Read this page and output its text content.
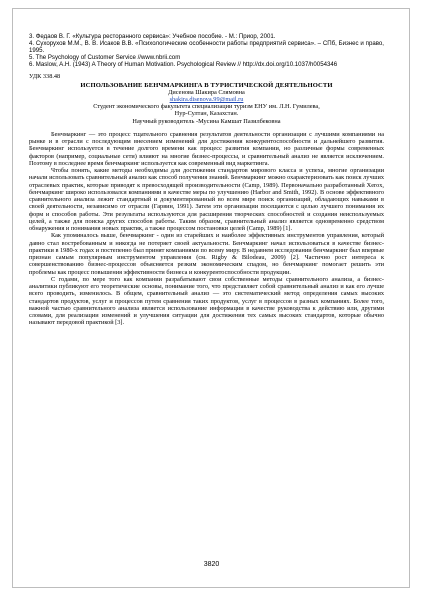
3. Федаов В. Г. «Культура ресторанного сервиса»: Учебное пособие. - М.: Приор, 2001.

4. Сухорухов М.М., В. В. Исаков В.В. «Психологические особенности работы предприятий сервиса». – СПб, Бизнес и право, 1995.

5. The Psychology of Customer Service //www.nbrii.com

6. Maslow, A.H. (1943) A Theory of Human Motivation. Psychological Review // http://dx.doi.org/10.1037/h0054346

УДК 338.48
ИСПОЛЬЗОВАНИЕ БЕНЧМАРКИНГА В ТУРИСТИЧЕСКОЙ ДЕЯТЕЛЬНОСТИ
Дисенова Шакира Слямовна
shakira.disenova.99@mail.ru
Студент экономического факультета специализации туризм ЕНУ им. Л.Н. Гумилева,
Нур-Султан, Казахстан.
Научный руководитель -Мусина Камшат Пазилбековна

Бенчмаркинг — это процесс тщательного сравнения результатов деятельности организации с лучшими компаниями на рынке и в отрасли с последующим внесением изменений для достижения конкурентоспособности и дальнейшего развития. Бенчмаркинг используется в течение долгого времени как процесс развития компании, но различные формы современных факторов (например, социальные сети) влияют на многие бизнес-процессы, и сравнительный анализ не является исключением. Поэтому в последнее время бенчмаркинг используется как современный вид маркетинга.

Чтобы понять, какие методы необходимы для достижения стандартов мирового класса и успеха, многие организации начали использовать сравнительный анализ как способ получения знаний. Бенчмаркинг можно охарактеризовать как поиск лучших отраслевых практик, которые приводят к превосходящей производительности (Camp, 1989). Первоначально разработанный Xerox, бенчмаркинг широко использовался компаниями в качестве меры по улучшению (Harbor and Smith, 1992). В основе эффективного сравнительного анализа лежит стандартный и документированный во всем мире поиск организаций, обладающих навыками в своей деятельности, независимо от отрасли (Гарвин, 1991). Затем эти организации посещаются с целью лучшего понимания их форм и способов работы. Эти результаты используются для расширения творческих способностей и создания неиспользуемых целей, а также для поиска других способов работы. Таким образом, сравнительный анализ является одновременно средством обнаружения и понимания новых практик, а также процессом постановки целей (Camp, 1989) [1].

Как упоминалось выше, бенчмаркинг - один из старейших и наиболее эффективных инструментов управления, который давно стал востребованным и никогда не потеряет своей актуальности. Бенчмаркинг начал использоваться в качестве бизнес-практики в 1980-х годах и постепенно был принят компаниями по всему миру. В недавнем исследовании бенчмаркинг был впервые признан самым популярным инструментом управления (см. Rigby & Bilodeau, 2009) [2]. Частично рост интереса к совершенствованию бизнес-процессов объясняется резким экономическим спадом, но бенчмаркинг помогает решить эти проблемы как процесс повышения эффективности бизнеса и конкурентоспособности продукции.

С годами, по мере того как компании разрабатывают свои собственные методы сравнительного анализа, а бизнес-аналитики публикуют его теоретические основы, понимание того, что представляет собой сравнительный анализ и как его лучше всего проводить, изменилось. В общем, сравнительный анализ — это систематический метод определения самых высоких стандартов продуктов, услуг и процессов путем сравнения таких продуктов, услуг в процессов в разных компаниях. Более того, важной частью сравнительного анализа является использование информации в качестве руководства к действию или, другими словами, для реализации изменений и улучшения ситуации для достижения тех самых высоких стандартов, которые обычно называют передовой практикой [3].

3820
